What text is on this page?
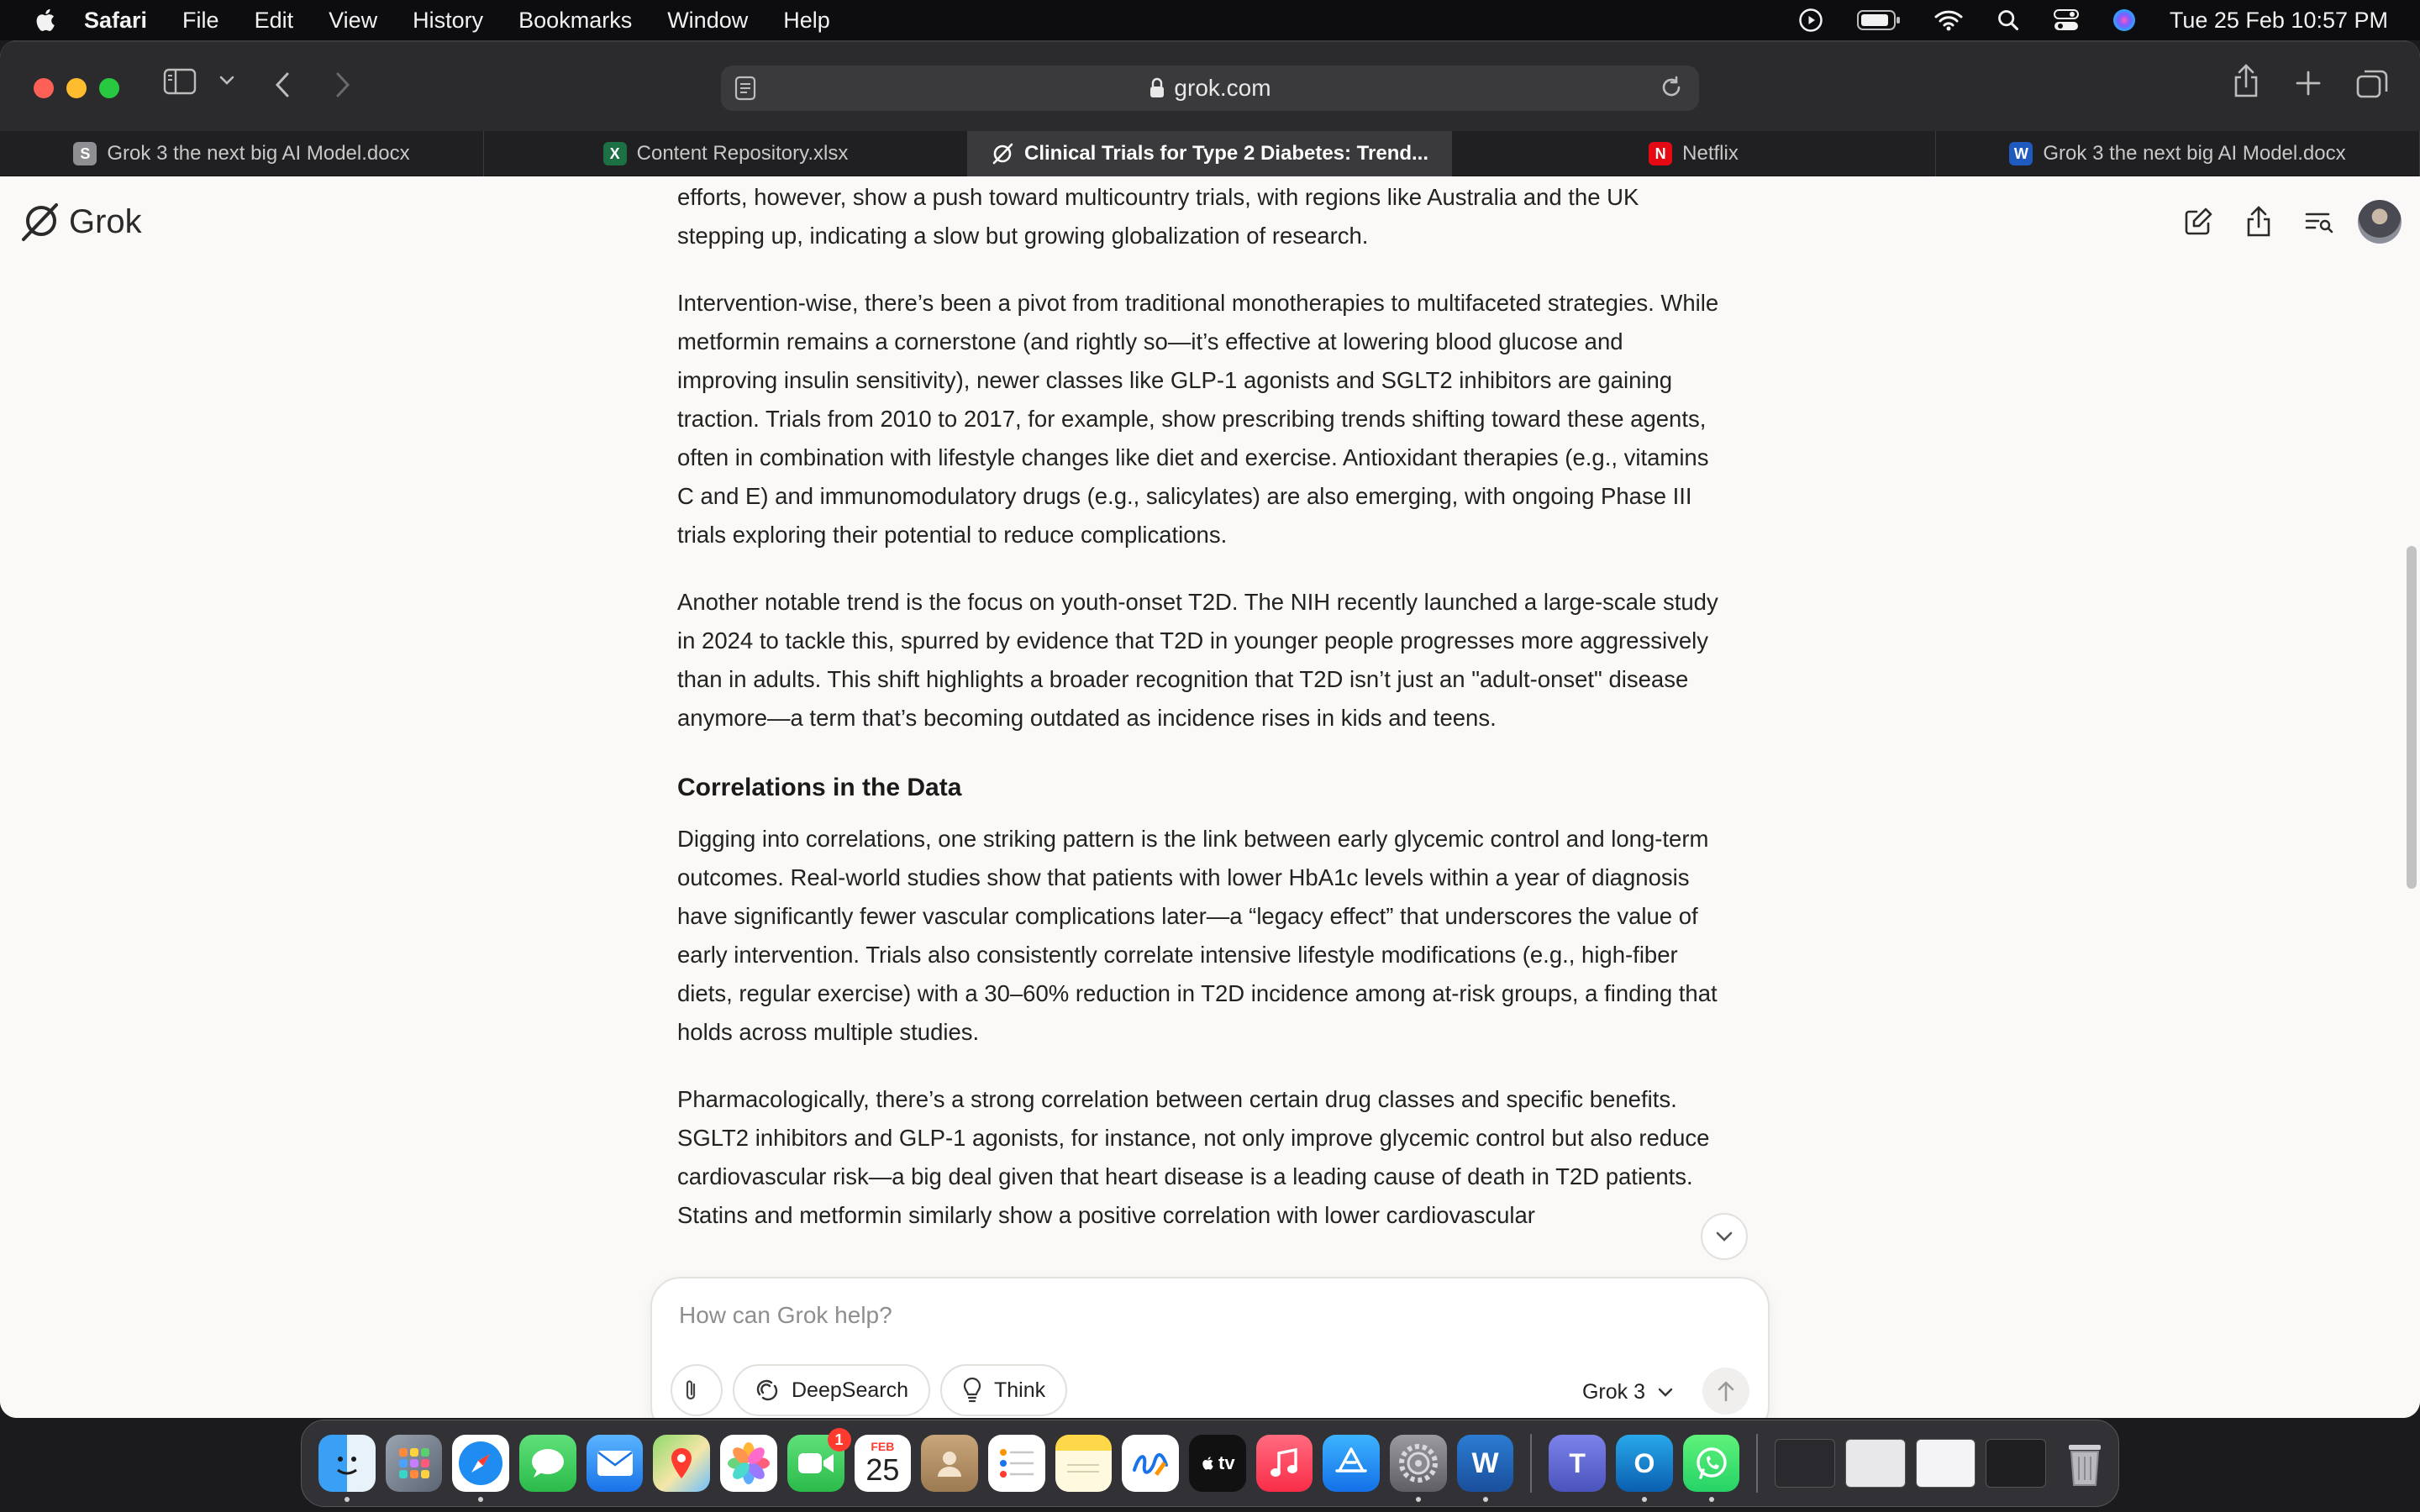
Safari File Edit View History Bookmarks Window Help	Tue 25 Feb 10:57 PM
grok.com
S Grok 3 the next big AI Model.docx	X Content Repository.xlsx	Clinical Trials for Type 2 Diabetes: Trend...	N Netflix	W Grok 3 the next big AI Model.docx
Grok

efforts, however, show a push toward multicountry trials, with regions like Australia and the UK stepping up, indicating a slow but growing globalization of research.

Intervention-wise, there’s been a pivot from traditional monotherapies to multifaceted strategies. While metformin remains a cornerstone (and rightly so—it’s effective at lowering blood glucose and improving insulin sensitivity), newer classes like GLP-1 agonists and SGLT2 inhibitors are gaining traction. Trials from 2010 to 2017, for example, show prescribing trends shifting toward these agents, often in combination with lifestyle changes like diet and exercise. Antioxidant therapies (e.g., vitamins C and E) and immunomodulatory drugs (e.g., salicylates) are also emerging, with ongoing Phase III trials exploring their potential to reduce complications.

Another notable trend is the focus on youth-onset T2D. The NIH recently launched a large-scale study in 2024 to tackle this, spurred by evidence that T2D in younger people progresses more aggressively than in adults. This shift highlights a broader recognition that T2D isn’t just an "adult-onset" disease anymore—a term that’s becoming outdated as incidence rises in kids and teens.

Correlations in the Data

Digging into correlations, one striking pattern is the link between early glycemic control and long-term outcomes. Real-world studies show that patients with lower HbA1c levels within a year of diagnosis have significantly fewer vascular complications later—a “legacy effect” that underscores the value of early intervention. Trials also consistently correlate intensive lifestyle modifications (e.g., high-fiber diets, regular exercise) with a 30–60% reduction in T2D incidence among at-risk groups, a finding that holds across multiple studies.

Pharmacologically, there’s a strong correlation between certain drug classes and specific benefits. SGLT2 inhibitors and GLP-1 agonists, for instance, not only improve glycemic control but also reduce cardiovascular risk—a big deal given that heart disease is a leading cause of death in T2D patients. Statins and metformin similarly show a positive correlation with lower cardiovascular

How can Grok help?
DeepSearch	Think	Grok 3
1	FEB
25	tv	W	T O
